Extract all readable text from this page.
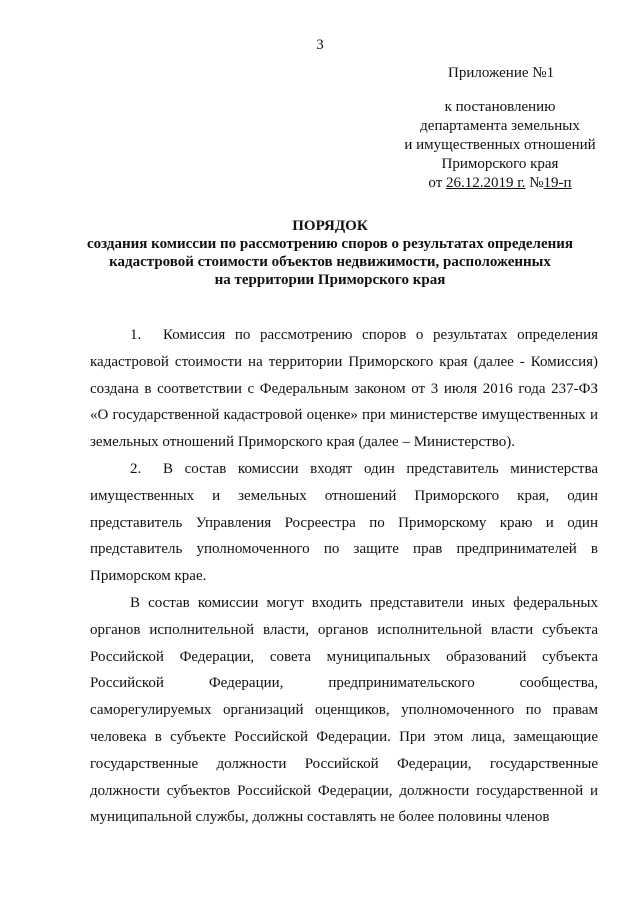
3
Приложение №1
к постановлению
департамента земельных
и имущественных отношений
Приморского края
от 26.12.2019 г. №19-п
ПОРЯДОК
создания комиссии по рассмотрению споров о результатах определения
кадастровой стоимости объектов недвижимости, расположенных
на территории Приморского края

1. Комиссия по рассмотрению споров о результатах определения кадастровой стоимости на территории Приморского края (далее - Комиссия) создана в соответствии с Федеральным законом от 3 июля 2016 года 237-ФЗ «О государственной кадастровой оценке» при министерстве имущественных и земельных отношений Приморского края (далее – Министерство).

2. В состав комиссии входят один представитель министерства имущественных и земельных отношений Приморского края, один представитель Управления Росреестра по Приморскому краю и один представитель уполномоченного по защите прав предпринимателей в Приморском крае.

В состав комиссии могут входить представители иных федеральных органов исполнительной власти, органов исполнительной власти субъекта Российской Федерации, совета муниципальных образований субъекта Российской Федерации, предпринимательского сообщества, саморегулируемых организаций оценщиков, уполномоченного по правам человека в субъекте Российской Федерации. При этом лица, замещающие государственные должности Российской Федерации, государственные должности субъектов Российской Федерации, должности государственной и муниципальной службы, должны составлять не более половины членов
